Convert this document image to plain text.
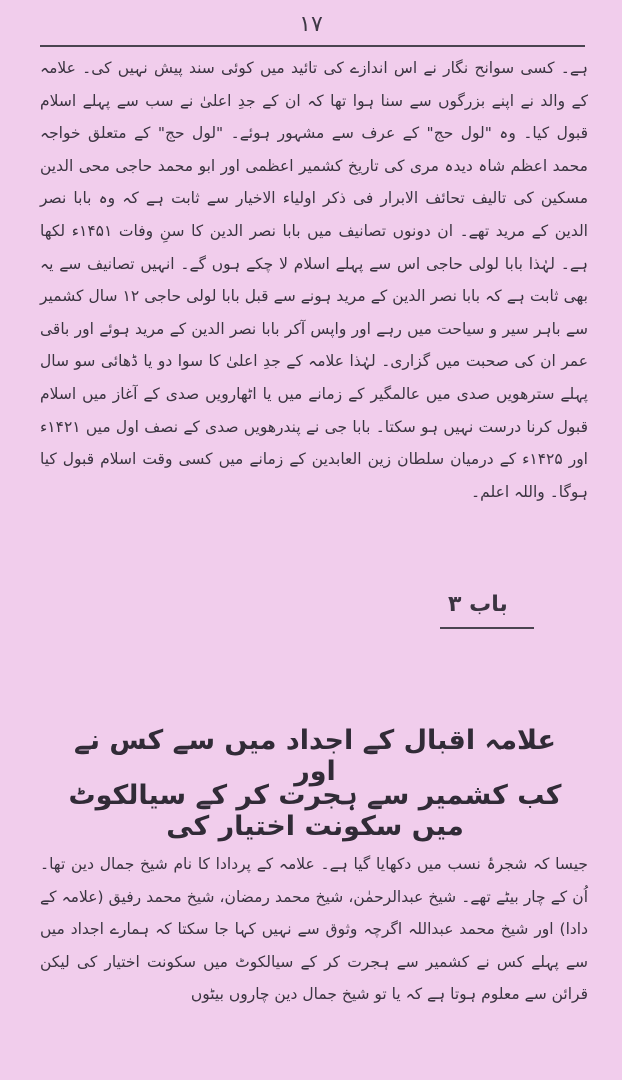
١٧
ہے۔ کسی سوانح نگار نے اس اندازے کی تائید میں کوئی سند پیش نہیں کی۔ علامہ کے والد نے اپنے بزرگوں سے سنا ہوا تھا کہ ان کے جدِ اعلیٰ نے سب سے پہلے اسلام قبول کیا۔ وہ "لول حج" کے عرف سے مشہور ہوئے۔ "لول حج" کے متعلق خواجہ محمد اعظم شاہ دیدہ مری کی تاریخ کشمیر اعظمی اور ابو محمد حاجی محی الدین مسکین کی تالیف تحائف الابرار فی ذکر اولیاء الاخیار سے ثابت ہے کہ وہ بابا نصر الدین کے مرید تھے۔ ان دونوں تصانیف میں بابا نصر الدین کا سنِ وفات ۱۴۵۱ء لکھا ہے۔ لہٰذا بابا لولی حاجی اس سے پہلے اسلام لا چکے ہوں گے۔ انہیں تصانیف سے یہ بھی ثابت ہے کہ بابا نصر الدین کے مرید ہونے سے قبل بابا لولی حاجی ۱۲ سال کشمیر سے باہر سیر و سیاحت میں رہے اور واپس آکر بابا نصر الدین کے مرید ہوئے اور باقی عمر ان کی صحبت میں گزاری۔ لہٰذا علامہ کے جدِ اعلیٰ کا سوا دو یا ڈھائی سو سال پہلے سترھویں صدی میں عالمگیر کے زمانے میں یا اٹھارویں صدی کے آغاز میں اسلام قبول کرنا درست نہیں ہو سکتا۔ بابا جی نے پندرھویں صدی کے نصف اول میں ۱۴۲۱ء اور ۱۴۲۵ء کے درمیان سلطان زین العابدین کے زمانے میں کسی وقت اسلام قبول کیا ہوگا۔ واللہ اعلم۔
باب ۳
علامہ اقبال کے اجداد میں سے کس نے اور
کب کشمیر سے ہجرت کر کے سیالکوٹ میں سکونت اختیار کی
جیسا کہ شجرۂ نسب میں دکھایا گیا ہے۔ علامہ کے پردادا کا نام شیخ جمال دین تھا۔ اُن کے چار بیٹے تھے۔ شیخ عبدالرحمٰن، شیخ محمد رمضان، شیخ محمد رفیق (علامہ کے دادا) اور شیخ محمد عبداللہ اگرچہ وثوق سے نہیں کہا جا سکتا کہ ہمارے اجداد میں سے پہلے کس نے کشمیر سے ہجرت کر کے سیالکوٹ میں سکونت اختیار کی لیکن قرائن سے معلوم ہوتا ہے کہ یا تو شیخ جمال دین چاروں بیٹوں
